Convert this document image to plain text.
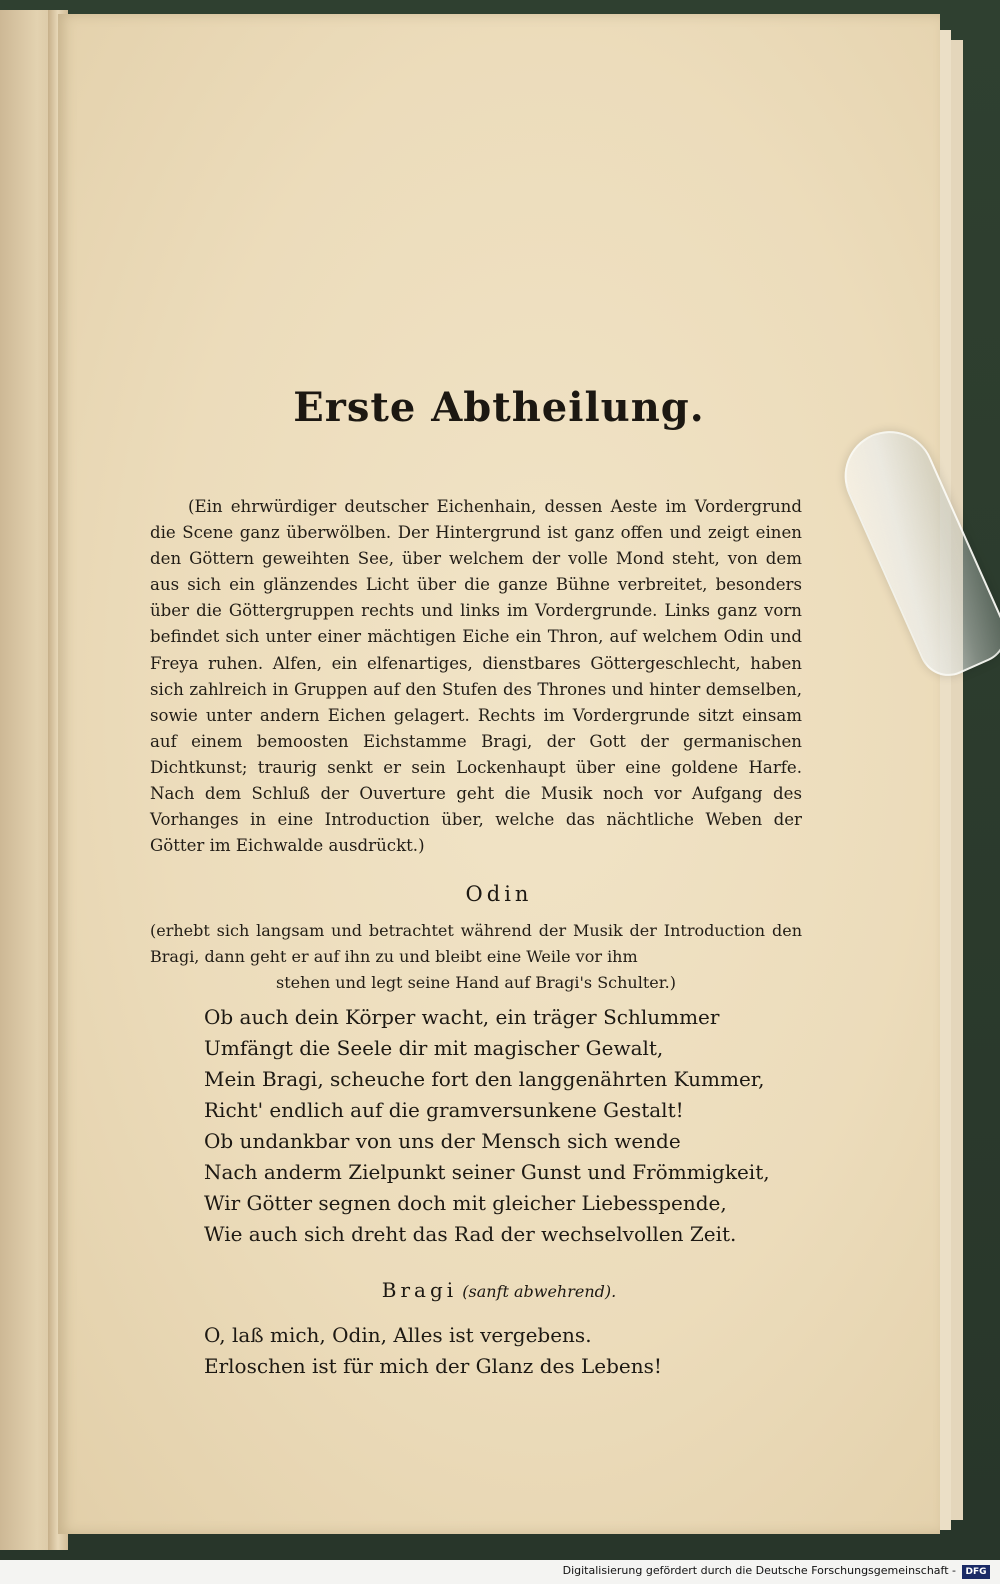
Erste Abtheilung.

(Ein ehrwürdiger deutscher Eichenhain, dessen Aeste im Vordergrund die Scene ganz überwölben. Der Hintergrund ist ganz offen und zeigt einen den Göttern geweihten See, über welchem der volle Mond steht, von dem aus sich ein glänzendes Licht über die ganze Bühne verbreitet, besonders über die Göttergruppen rechts und links im Vordergrunde. Links ganz vorn befindet sich unter einer mächtigen Eiche ein Thron, auf welchem Odin und Freya ruhen. Alfen, ein elfenartiges, dienstbares Göttergeschlecht, haben sich zahlreich in Gruppen auf den Stufen des Thrones und hinter demselben, sowie unter andern Eichen gelagert. Rechts im Vordergrunde sitzt einsam auf einem bemoosten Eichstamme Bragi, der Gott der germanischen Dichtkunst; traurig senkt er sein Lockenhaupt über eine goldene Harfe. Nach dem Schluß der Ouverture geht die Musik noch vor Aufgang des Vorhanges in eine Introduction über, welche das nächtliche Weben der Götter im Eichwalde ausdrückt.)

Odin

(erhebt sich langsam und betrachtet während der Musik der Introduction den Bragi, dann geht er auf ihn zu und bleibt eine Weile vor ihm
stehen und legt seine Hand auf Bragi's Schulter.)

Ob auch dein Körper wacht, ein träger Schlummer
Umfängt die Seele dir mit magischer Gewalt,
Mein Bragi, scheuche fort den langgenährten Kummer,
Richt' endlich auf die gramversunkene Gestalt!
Ob undankbar von uns der Mensch sich wende
Nach anderm Zielpunkt seiner Gunst und Frömmigkeit,
Wir Götter segnen doch mit gleicher Liebesspende,
Wie auch sich dreht das Rad der wechselvollen Zeit.

Bragi (sanft abwehrend).

O, laß mich, Odin, Alles ist vergebens.
Erloschen ist für mich der Glanz des Lebens!

Digitalisierung gefördert durch die Deutsche Forschungsgemeinschaft -	DFG
